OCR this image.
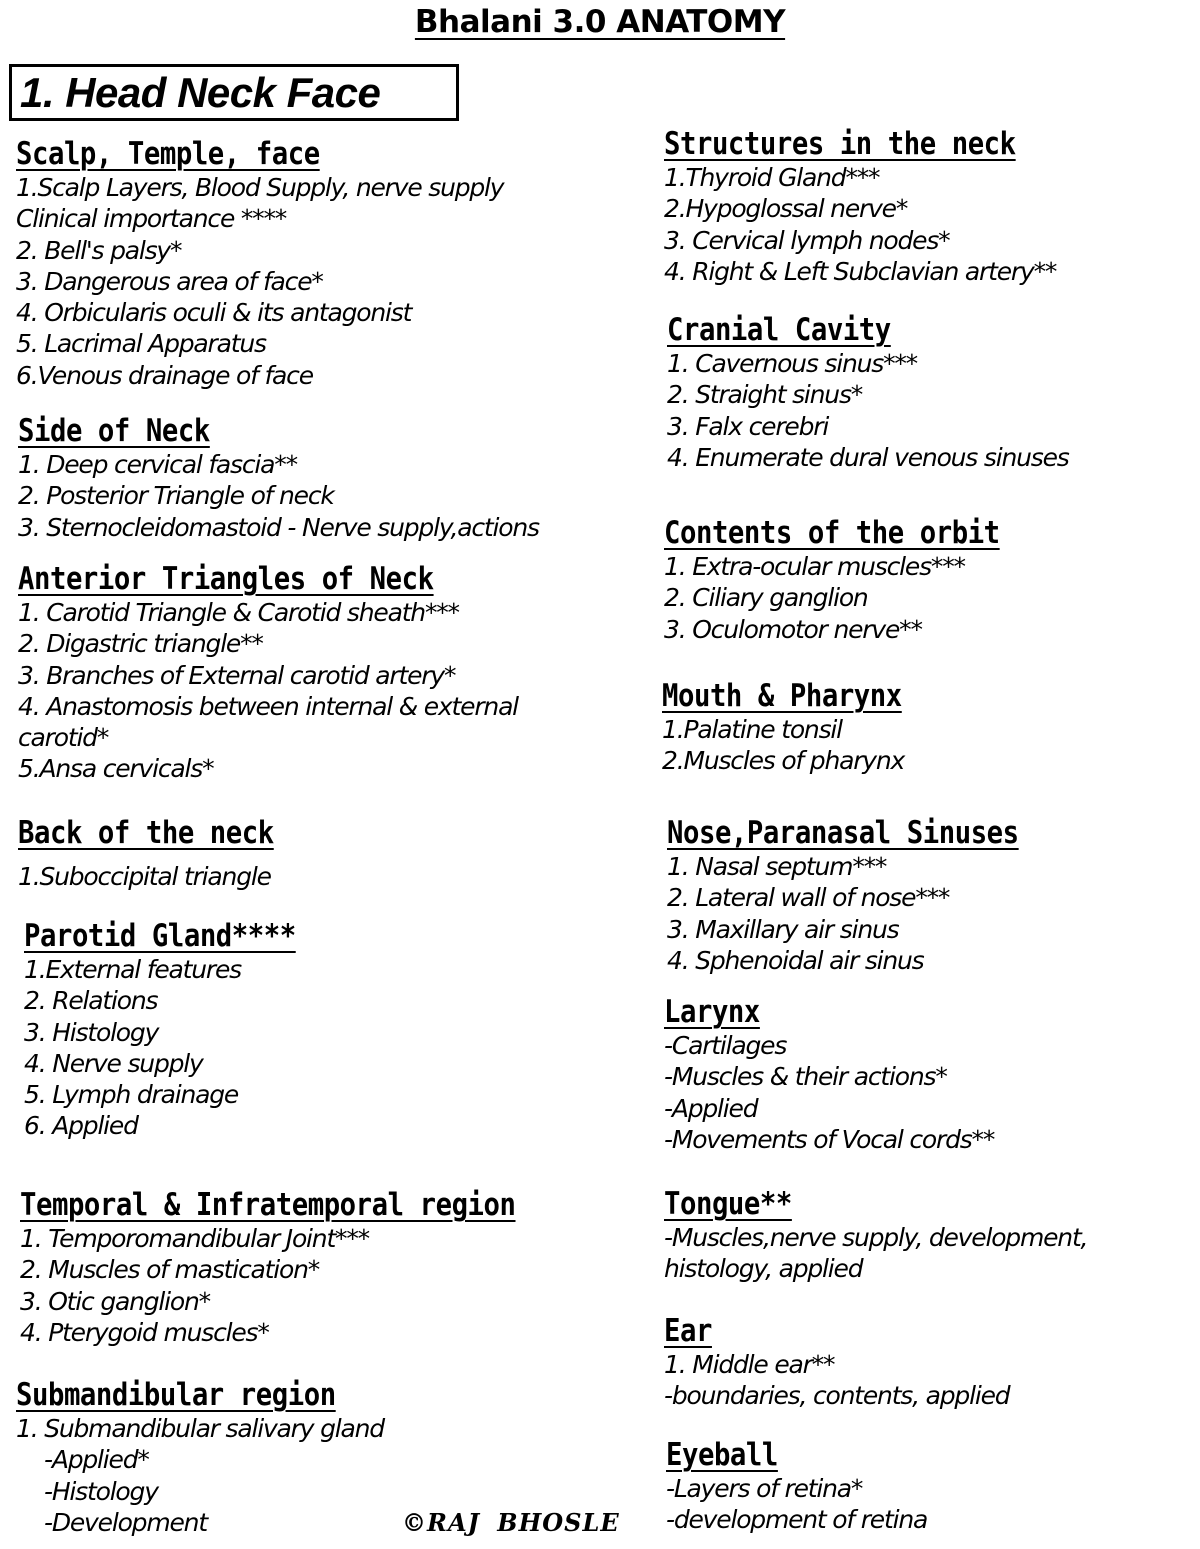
Bhalani 3.0 ANATOMY
1. Head Neck Face
Scalp, Temple, face
1.Scalp Layers, Blood Supply, nerve supply
Clinical importance ****
2. Bell's palsy*
3. Dangerous area of face*
4. Orbicularis oculi & its antagonist
5. Lacrimal Apparatus
6.Venous drainage of face
Side of Neck
1. Deep cervical fascia**
2. Posterior Triangle of neck
3. Sternocleidomastoid - Nerve supply,actions
Anterior Triangles of Neck
1. Carotid Triangle & Carotid sheath***
2. Digastric triangle**
3. Branches of External carotid artery*
4. Anastomosis between internal & external
carotid*
5.Ansa cervicals*
Back of the neck
1.Suboccipital triangle
Parotid Gland****
1.External features
2. Relations
3. Histology
4. Nerve supply
5. Lymph drainage
6. Applied
Temporal & Infratemporal region
1. Temporomandibular Joint***
2. Muscles of mastication*
3. Otic ganglion*
4. Pterygoid muscles*
Submandibular region
1. Submandibular salivary gland
-Applied*
-Histology
-Development
Structures in the neck
1.Thyroid Gland***
2.Hypoglossal nerve*
3. Cervical lymph nodes*
4. Right & Left Subclavian artery**
Cranial Cavity
1. Cavernous sinus***
2. Straight sinus*
3. Falx cerebri
4. Enumerate dural venous sinuses
Contents of the orbit
1. Extra-ocular muscles***
2. Ciliary ganglion
3. Oculomotor nerve**
Mouth & Pharynx
1.Palatine tonsil
2.Muscles of pharynx
Nose,Paranasal Sinuses
1. Nasal septum***
2. Lateral wall of nose***
3. Maxillary air sinus
4. Sphenoidal air sinus
Larynx
-Cartilages
-Muscles & their actions*
-Applied
-Movements of Vocal cords**
Tongue**
-Muscles,nerve supply, development,
histology, applied
Ear
1. Middle ear**
-boundaries, contents, applied
Eyeball
-Layers of retina*
-development of retina
©RAJ BHOSLE
